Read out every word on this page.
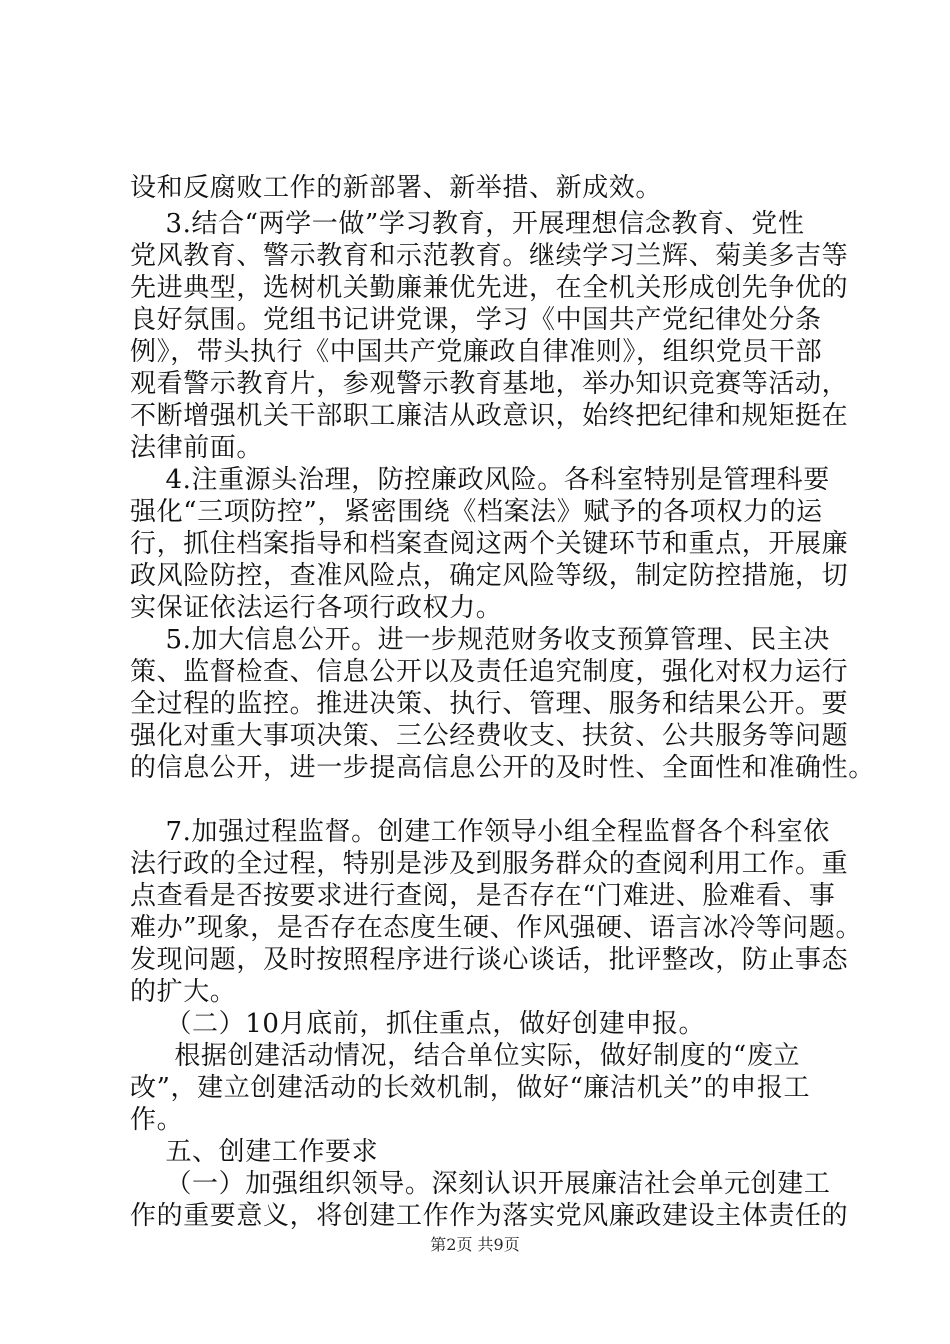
设和反腐败工作的新部署、新举措、新成效。
3.结合“两学一做”学习教育，开展理想信念教育、党性
党风教育、警示教育和示范教育。继续学习兰辉、菊美多吉等
先进典型，选树机关勤廉兼优先进，在全机关形成创先争优的
良好氛围。党组书记讲党课，学习《中国共产党纪律处分条
例》，带头执行《中国共产党廉政自律准则》，组织党员干部
观看警示教育片，参观警示教育基地，举办知识竞赛等活动，
不断增强机关干部职工廉洁从政意识，始终把纪律和规矩挺在
法律前面。
4.注重源头治理，防控廉政风险。各科室特别是管理科要
强化“三项防控”，紧密围绕《档案法》赋予的各项权力的运
行，抓住档案指导和档案查阅这两个关键环节和重点，开展廉
政风险防控，查准风险点，确定风险等级，制定防控措施，切
实保证依法运行各项行政权力。
5.加大信息公开。进一步规范财务收支预算管理、民主决
策、监督检查、信息公开以及责任追究制度，强化对权力运行
全过程的监控。推进决策、执行、管理、服务和结果公开。要
强化对重大事项决策、三公经费收支、扶贫、公共服务等问题
的信息公开，进一步提高信息公开的及时性、全面性和准确性。
7.加强过程监督。创建工作领导小组全程监督各个科室依
法行政的全过程，特别是涉及到服务群众的查阅利用工作。重
点查看是否按要求进行查阅，是否存在“门难进、脸难看、事
难办”现象，是否存在态度生硬、作风强硬、语言冰冷等问题。
发现问题，及时按照程序进行谈心谈话，批评整改，防止事态
的扩大。
（二）10月底前，抓住重点，做好创建申报。
根据创建活动情况，结合单位实际，做好制度的“废立
改”，建立创建活动的长效机制，做好“廉洁机关”的申报工
作。
五、创建工作要求
（一）加强组织领导。深刻认识开展廉洁社会单元创建工
作的重要意义，将创建工作作为落实党风廉政建设主体责任的
第2页 共9页
